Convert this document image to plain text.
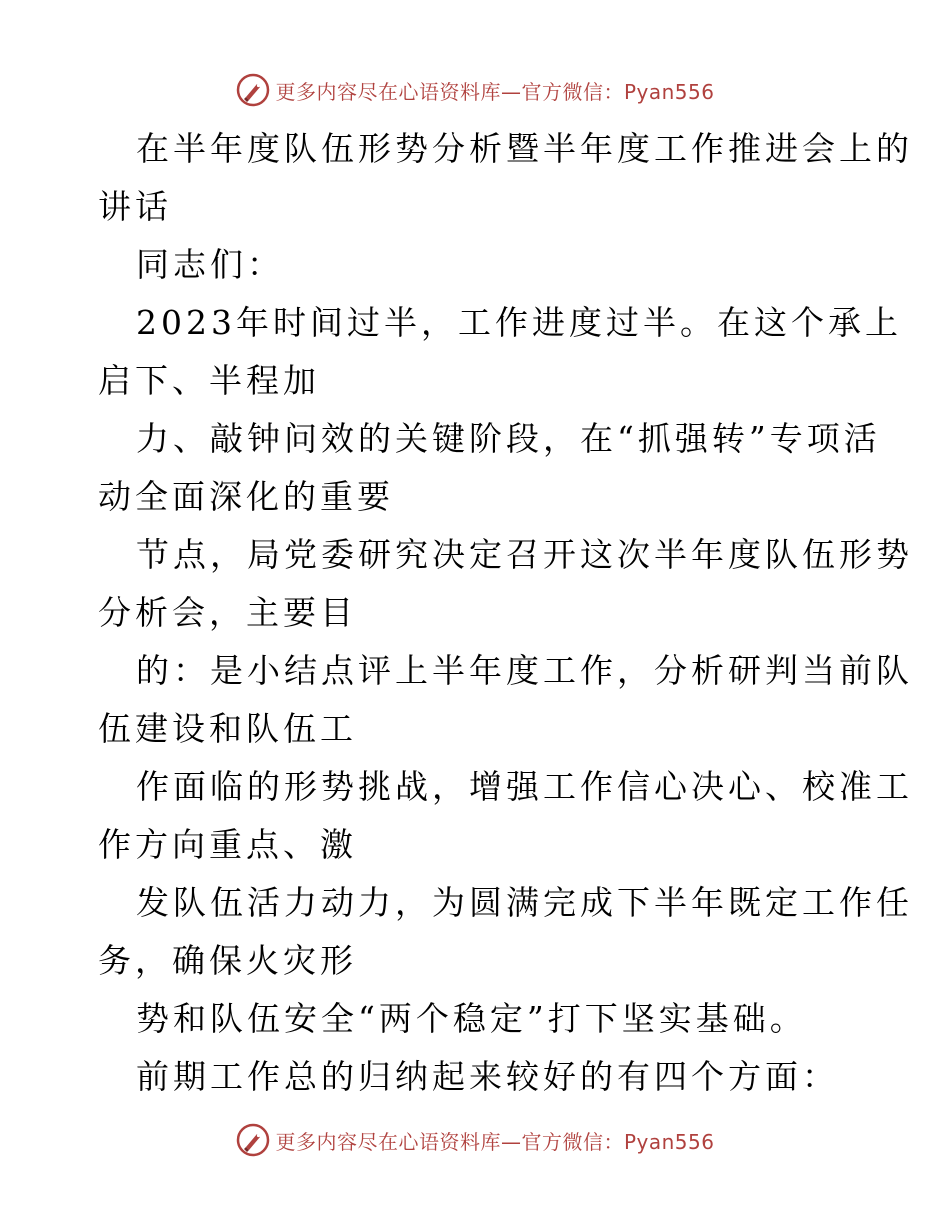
更多内容尽在心语资料库—官方微信：Pyan556
在半年度队伍形势分析暨半年度工作推进会上的
讲话
同志们：
2023年时间过半，工作进度过半。在这个承上
启下、半程加
力、敲钟问效的关键阶段，在“抓强转”专项活
动全面深化的重要
节点，局党委研究决定召开这次半年度队伍形势
分析会，主要目
的：是小结点评上半年度工作，分析研判当前队
伍建设和队伍工
作面临的形势挑战，增强工作信心决心、校准工
作方向重点、激
发队伍活力动力，为圆满完成下半年既定工作任
务，确保火灾形
势和队伍安全“两个稳定”打下坚实基础。
前期工作总的归纳起来较好的有四个方面：
更多内容尽在心语资料库—官方微信：Pyan556
